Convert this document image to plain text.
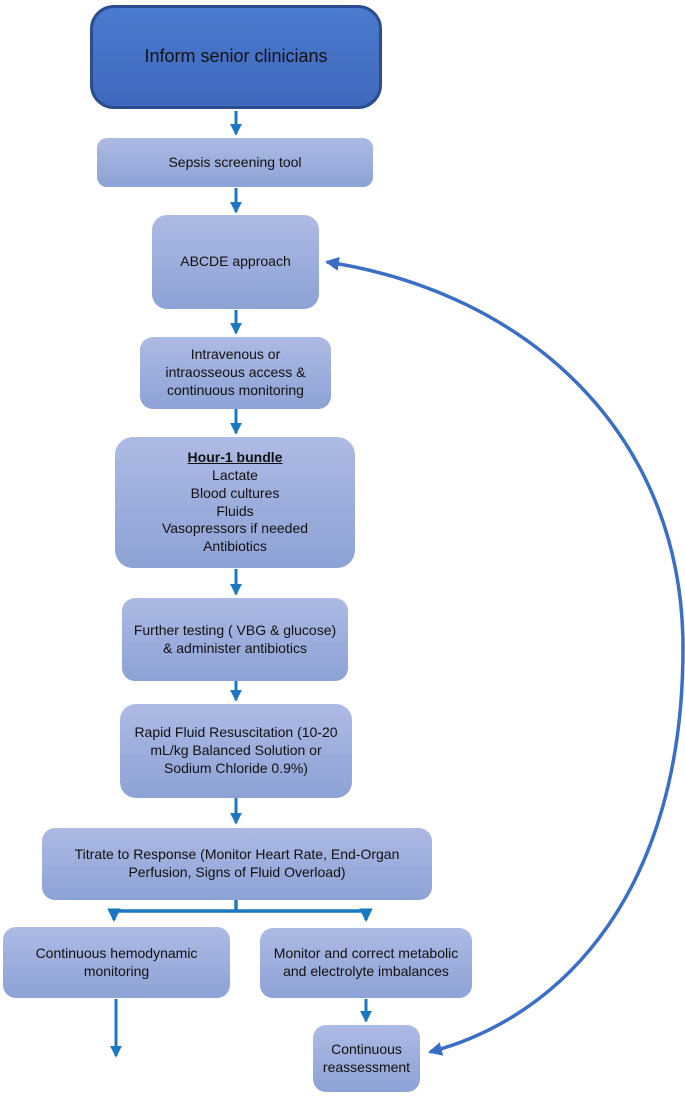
Inform senior clinicians
Sepsis screening tool
ABCDE approach
Intravenous or intraosseous access & continuous monitoring
Hour-1 bundle
Lactate
Blood cultures
Fluids
Vasopressors if needed
Antibiotics
Further testing ( VBG & glucose) & administer antibiotics
Rapid Fluid Resuscitation (10-20 mL/kg Balanced Solution or Sodium Chloride 0.9%)
Titrate to Response (Monitor Heart Rate, End-Organ Perfusion, Signs of Fluid Overload)
Continuous hemodynamic monitoring
Monitor and correct metabolic and electrolyte imbalances
Continuous reassessment
